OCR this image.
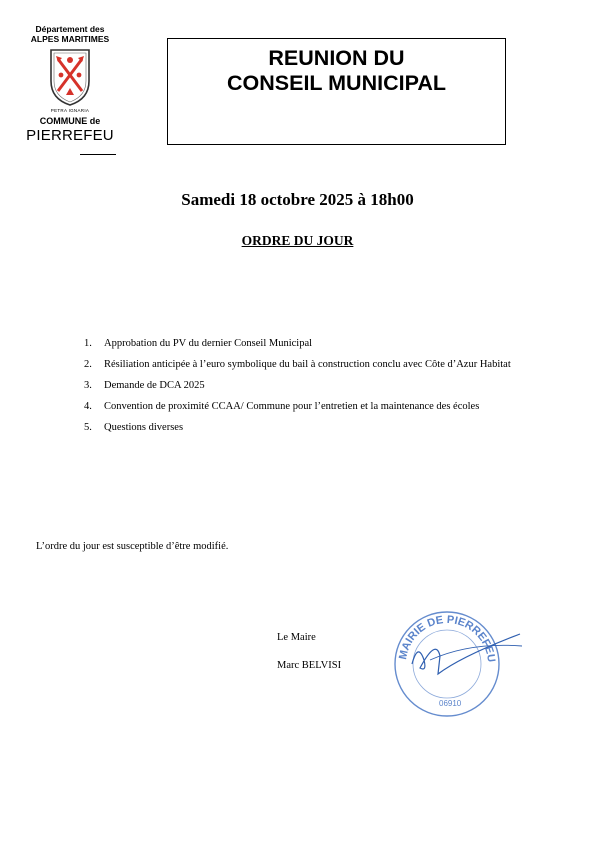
Département des
ALPES MARITIMES
PETRA IGNARIA
COMMUNE de
PIERREFEU
REUNION DU
CONSEIL MUNICIPAL
Samedi 18 octobre 2025 à 18h00
ORDRE DU JOUR
1.	Approbation du PV du dernier Conseil Municipal
2.	Résiliation anticipée à l’euro symbolique du bail à construction conclu avec Côte d’Azur Habitat
3.	Demande de DCA 2025
4.	Convention de proximité CCAA/ Commune pour l’entretien et la maintenance des écoles
5.	Questions diverses
L’ordre du jour est susceptible d’être modifié.
Le Maire
Marc BELVISI
MAIRIE DE PIERREFEU
06910
